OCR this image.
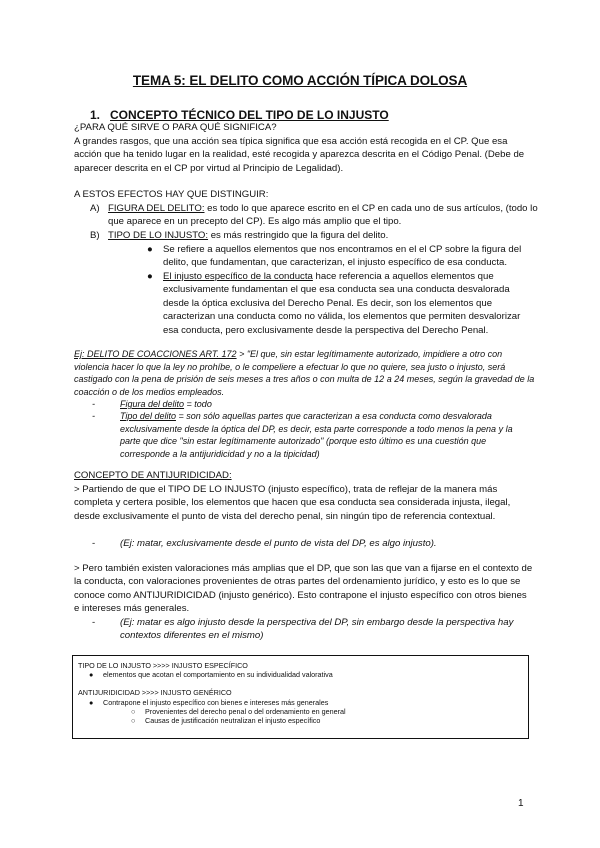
TEMA 5: EL DELITO COMO ACCIÓN TÍPICA DOLOSA
1. CONCEPTO TÉCNICO DEL TIPO DE LO INJUSTO
¿PARA QUÉ SIRVE O PARA QUÉ SIGNIFICA?
A grandes rasgos, que una acción sea típica significa que esa acción está recogida en el CP. Que esa acción que ha tenido lugar en la realidad, esté recogida y aparezca descrita en el Código Penal. (Debe de aparecer descrita en el CP por virtud al Principio de Legalidad).
A ESTOS EFECTOS HAY QUE DISTINGUIR:
A) FIGURA DEL DELITO: es todo lo que aparece escrito en el CP en cada uno de sus artículos, (todo lo que aparece en un precepto del CP). Es algo más amplio que el tipo.
B) TIPO DE LO INJUSTO: es más restringido que la figura del delito.
● Se refiere a aquellos elementos que nos encontramos en el el CP sobre la figura del delito, que fundamentan, que caracterizan, el injusto específico de esa conducta.
● El injusto específico de la conducta hace referencia a aquellos elementos que exclusivamente fundamentan el que esa conducta sea una conducta desvalorada desde la óptica exclusiva del Derecho Penal. Es decir, son los elementos que caracterizan una conducta como no válida, los elementos que permiten desvalorizar esa conducta, pero exclusivamente desde la perspectiva del Derecho Penal.
Ej: DELITO DE COACCIONES ART. 172 > "El que, sin estar legítimamente autorizado, impidiere a otro con violencia hacer lo que la ley no prohíbe, o le compeliere a efectuar lo que no quiere, sea justo o injusto, será castigado con la pena de prisión de seis meses a tres años o con multa de 12 a 24 meses, según la gravedad de la coacción o de los medios empleados.
-	Figura del delito = todo
-	Tipo del delito = son sólo aquellas partes que caracterizan a esa conducta como desvalorada exclusivamente desde la óptica del DP, es decir, esta parte corresponde a todo menos la pena y la parte que dice "sin estar legítimamente autorizado" (porque esto último es una cuestión que corresponde a la antijuridicidad y no a la tipicidad)
CONCEPTO DE ANTIJURIDICIDAD:
> Partiendo de que el TIPO DE LO INJUSTO (injusto específico), trata de reflejar de la manera más completa y certera posible, los elementos que hacen que esa conducta sea considerada injusta, ilegal, desde exclusivamente el punto de vista del derecho penal, sin ningún tipo de referencia contextual.
-	(Ej: matar, exclusivamente desde el punto de vista del DP, es algo injusto).
> Pero también existen valoraciones más amplias que el DP, que son las que van a fijarse en el contexto de la conducta, con valoraciones provenientes de otras partes del ordenamiento jurídico, y esto es lo que se conoce como ANTIJURIDICIDAD (injusto genérico). Esto contrapone el injusto específico con otros bienes e intereses más generales.
-	(Ej: matar es algo injusto desde la perspectiva del DP, sin embargo desde la perspectiva hay contextos diferentes en el mismo)
TIPO DE LO INJUSTO >>>> INJUSTO ESPECÍFICO
● elementos que acotan el comportamiento en su individualidad valorativa
ANTIJURIDICIDAD >>>> INJUSTO GENÉRICO
● Contrapone el injusto específico con bienes e intereses más generales
○ Provenientes del derecho penal o del ordenamiento en general
○ Causas de justificación neutralizan el injusto específico
1
